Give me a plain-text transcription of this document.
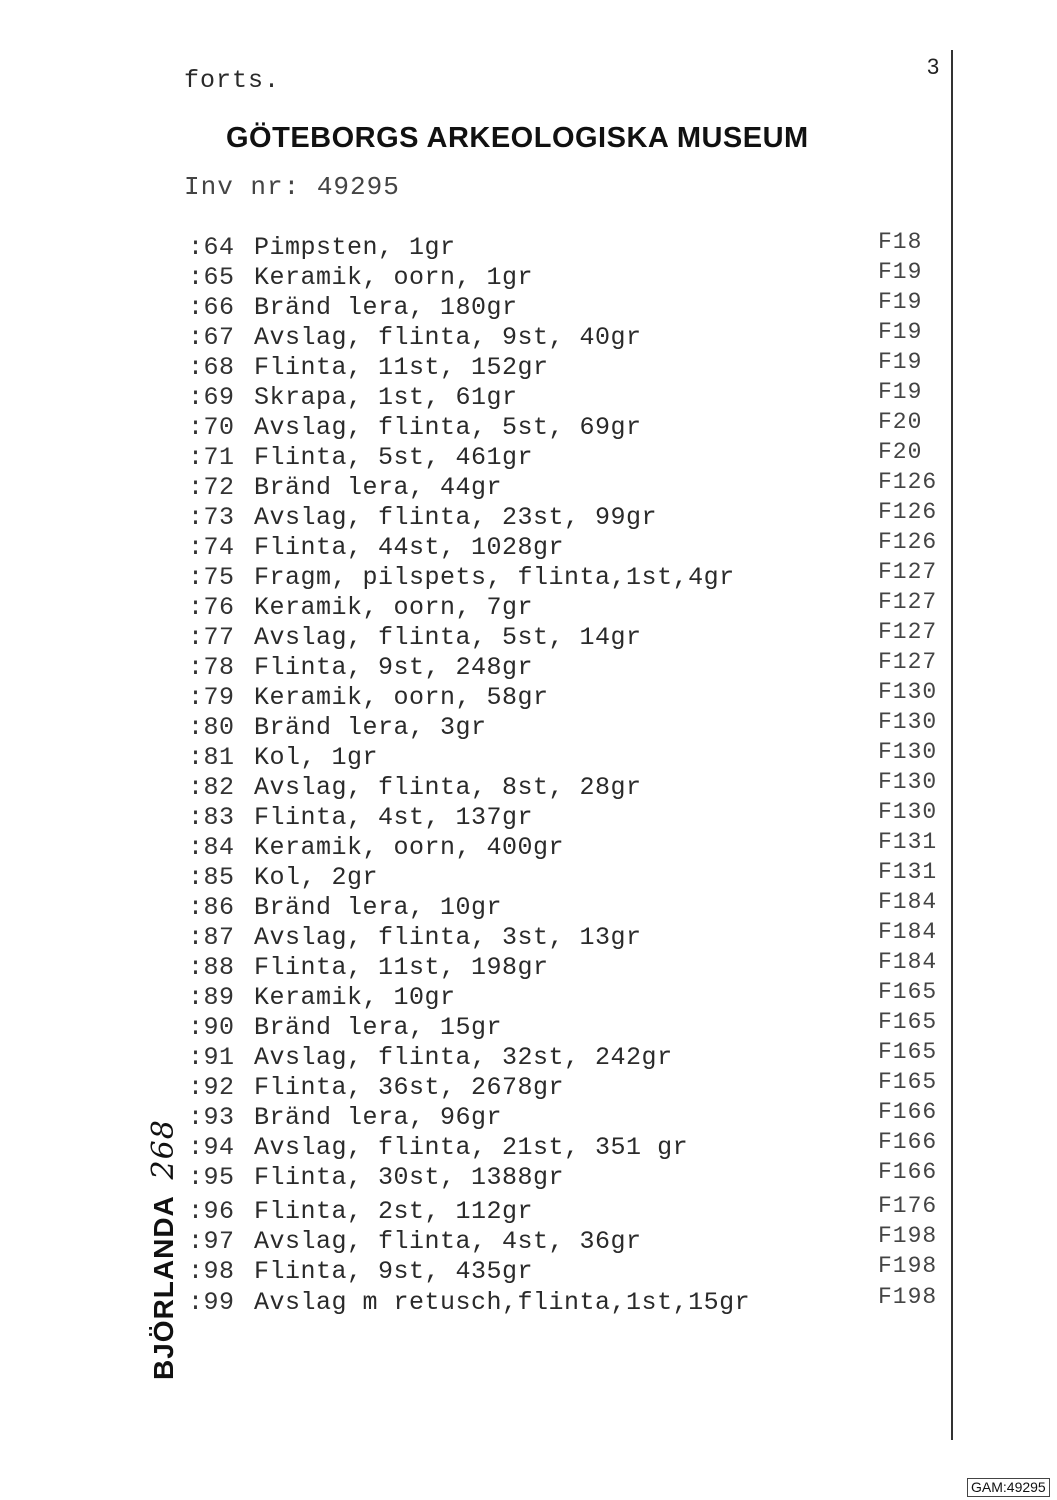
forts.	3
GÖTEBORGS ARKEOLOGISKA MUSEUM
Inv nr: 49295
:64 Pimpsten, 1gr	F18
:65 Keramik, oorn, 1gr	F19
:66 Bränd lera, 180gr	F19
:67 Avslag, flinta, 9st, 40gr	F19
:68 Flinta, 11st, 152gr	F19
:69 Skrapa, 1st, 61gr	F19
:70 Avslag, flinta, 5st, 69gr	F20
:71 Flinta, 5st, 461gr	F20
:72 Bränd lera, 44gr	F126
:73 Avslag, flinta, 23st, 99gr	F126
:74 Flinta, 44st, 1028gr	F126
:75 Fragm, pilspets, flinta,1st,4gr	F127
:76 Keramik, oorn, 7gr	F127
:77 Avslag, flinta, 5st, 14gr	F127
:78 Flinta, 9st, 248gr	F127
:79 Keramik, oorn, 58gr	F130
:80 Bränd lera, 3gr	F130
:81 Kol, 1gr	F130
:82 Avslag, flinta, 8st, 28gr	F130
:83 Flinta, 4st, 137gr	F130
:84 Keramik, oorn, 400gr	F131
:85 Kol, 2gr	F131
:86 Bränd lera, 10gr	F184
:87 Avslag, flinta, 3st, 13gr	F184
:88 Flinta, 11st, 198gr	F184
:89 Keramik, 10gr	F165
:90 Bränd lera, 15gr	F165
:91 Avslag, flinta, 32st, 242gr	F165
:92 Flinta, 36st, 2678gr	F165
:93 Bränd lera, 96gr	F166
:94 Avslag, flinta, 21st, 351 gr	F166
:95 Flinta, 30st, 1388gr	F166
:96 Flinta, 2st, 112gr	F176
:97 Avslag, flinta, 4st, 36gr	F198
:98 Flinta, 9st, 435gr	F198
:99 Avslag m retusch,flinta,1st,15gr	F198
BJÖRLANDA 268
GAM:49295
